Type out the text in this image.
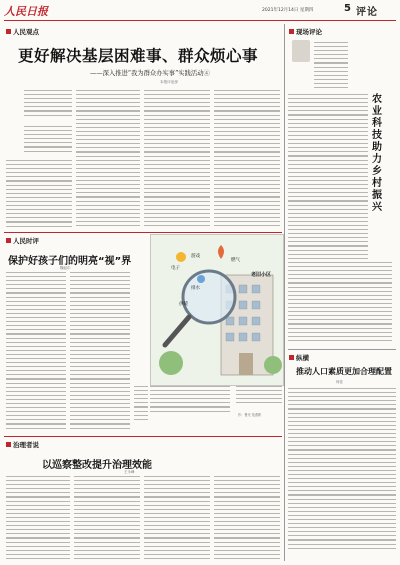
人民日报	2021年12月14日 星期四	5 评论
人民观点
更好解决基层困难事、群众烦心事
——深入推进“我为群众办实事”实践活动④
本报评论部
现场评论
农业科技助力乡村振兴
纵横
推动人口素质更加合理配置
何佳
人民时评
保护好孩子们的明亮“视”界
魏起尔	电子
游戏
燃气
排水
供暖
老旧小区
作：鲁光 范燕彬
治理者说
以巡察整改提升治理效能
王永峰
